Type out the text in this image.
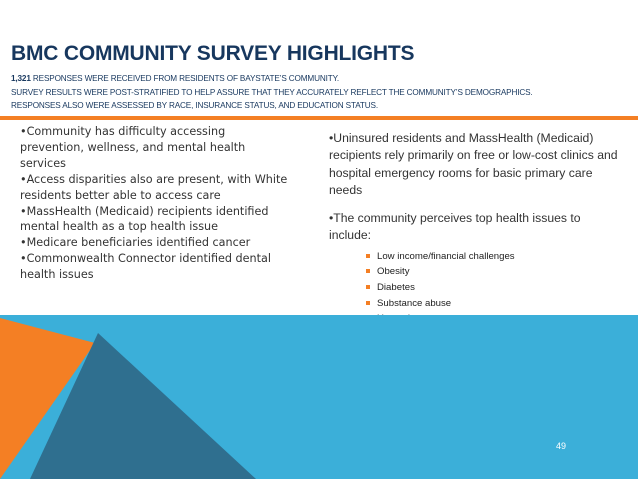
BMC COMMUNITY SURVEY HIGHLIGHTS
1,321 RESPONSES WERE RECEIVED FROM RESIDENTS OF BAYSTATE’S COMMUNITY.
SURVEY RESULTS WERE POST-STRATIFIED TO HELP ASSURE THAT THEY ACCURATELY REFLECT THE COMMUNITY’S DEMOGRAPHICS.
RESPONSES ALSO WERE ASSESSED BY RACE, INSURANCE STATUS, AND EDUCATION STATUS.

•Community has difficulty accessing prevention, wellness, and mental health services

•Access disparities also are present, with White residents better able to access care

•MassHealth (Medicaid) recipients identified mental health as a top health issue

•Medicare beneficiaries identified cancer

•Commonwealth Connector identified dental health issues

•Uninsured residents and MassHealth (Medicaid) recipients rely primarily on free or low-cost clinics and hospital emergency rooms for basic primary care needs

•The community perceives top health issues to include:

Low income/financial challenges
Obesity
Diabetes
Substance abuse
49
